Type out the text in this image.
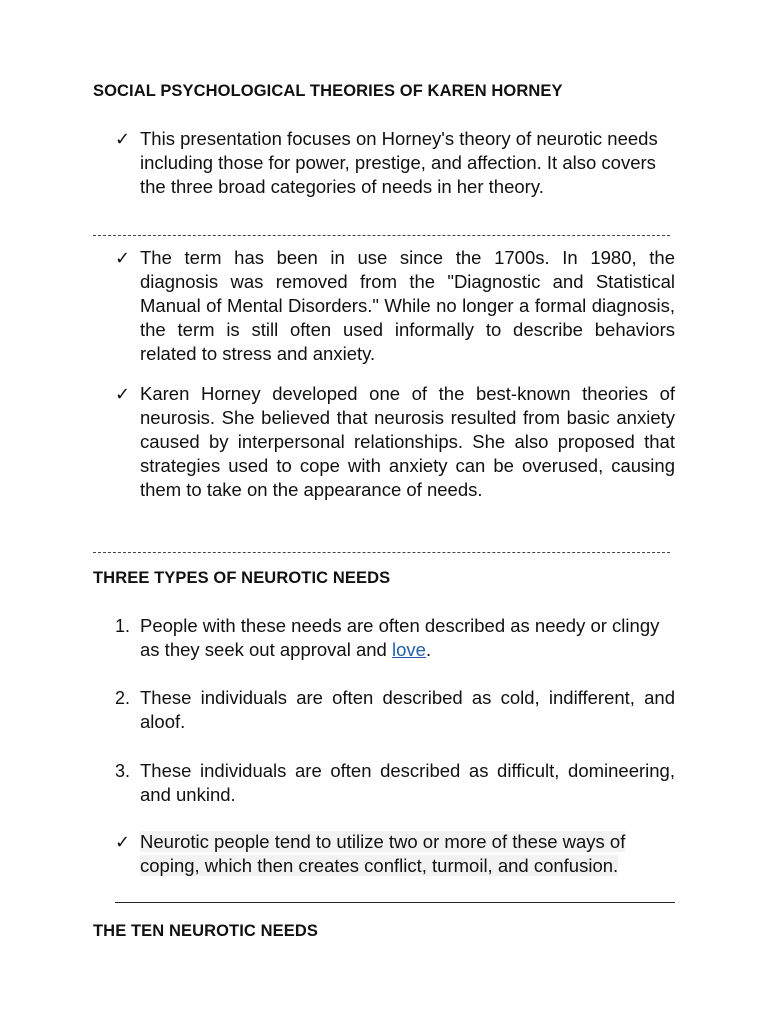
SOCIAL PSYCHOLOGICAL THEORIES OF KAREN HORNEY
✓ This presentation focuses on Horney's theory of neurotic needs including those for power, prestige, and affection. It also covers the three broad categories of needs in her theory.
✓ The term has been in use since the 1700s. In 1980, the diagnosis was removed from the "Diagnostic and Statistical Manual of Mental Disorders." While no longer a formal diagnosis, the term is still often used informally to describe behaviors related to stress and anxiety.
✓ Karen Horney developed one of the best-known theories of neurosis. She believed that neurosis resulted from basic anxiety caused by interpersonal relationships. She also proposed that strategies used to cope with anxiety can be overused, causing them to take on the appearance of needs.
THREE TYPES OF NEUROTIC NEEDS
1. People with these needs are often described as needy or clingy as they seek out approval and love.
2. These individuals are often described as cold, indifferent, and aloof.
3. These individuals are often described as difficult, domineering, and unkind.
✓ Neurotic people tend to utilize two or more of these ways of coping, which then creates conflict, turmoil, and confusion.
THE TEN NEUROTIC NEEDS
